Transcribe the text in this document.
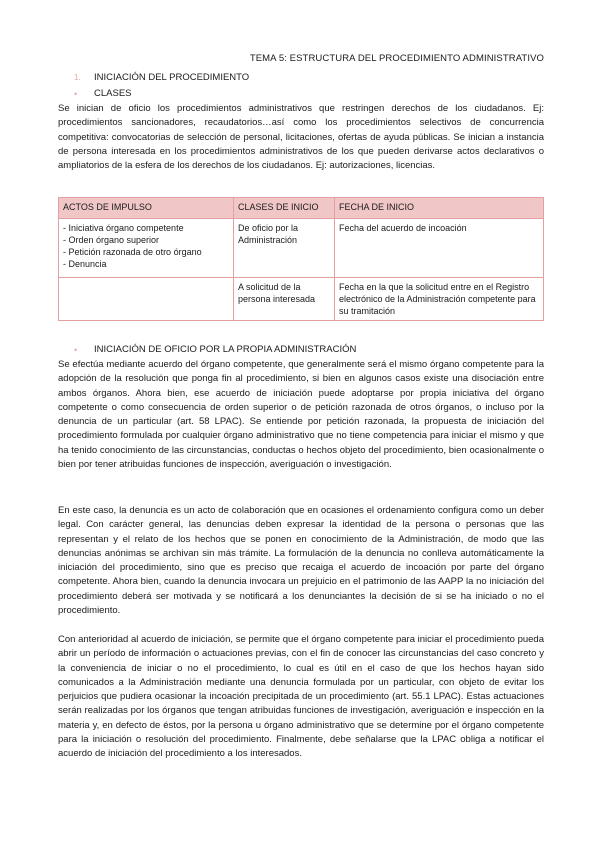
TEMA 5: ESTRUCTURA DEL PROCEDIMIENTO ADMINISTRATIVO
1.	INICIACIÓN DEL PROCEDIMIENTO
•	CLASES

Se inician de oficio los procedimientos administrativos que restringen derechos de los ciudadanos. Ej: procedimientos sancionadores, recaudatorios…así como los procedimientos selectivos de concurrencia competitiva: convocatorias de selección de personal, licitaciones, ofertas de ayuda públicas. Se inician a instancia de persona interesada en los procedimientos administrativos de los que pueden derivarse actos declarativos o ampliatorios de la esfera de los derechos de los ciudadanos. Ej: autorizaciones, licencias.

ACTOS DE IMPULSO	CLASES DE INICIO	FECHA DE INICIO

- Iniciativa órgano competente
- Orden órgano superior
- Petición razonada de otro órgano
- Denuncia	De oficio por la Administración	Fecha del acuerdo de incoación
	A solicitud de la persona interesada	Fecha en la que la solicitud entre en el Registro electrónico de la Administración competente para su tramitación
•	INICIACIÓN DE OFICIO POR LA PROPIA ADMINISTRACIÓN

Se efectúa mediante acuerdo del órgano competente, que generalmente será el mismo órgano competente para la adopción de la resolución que ponga fin al procedimiento, si bien en algunos casos existe una disociación entre ambos órganos. Ahora bien, ese acuerdo de iniciación puede adoptarse por propia iniciativa del órgano competente o como consecuencia de orden superior o de petición razonada de otros órganos, o incluso por la denuncia de un particular (art. 58 LPAC). Se entiende por petición razonada, la propuesta de iniciación del procedimiento formulada por cualquier órgano administrativo que no tiene competencia para iniciar el mismo y que ha tenido conocimiento de las circunstancias, conductas o hechos objeto del procedimiento, bien ocasionalmente o bien por tener atribuidas funciones de inspección, averiguación o investigación.

En este caso, la denuncia es un acto de colaboración que en ocasiones el ordenamiento configura como un deber legal. Con carácter general, las denuncias deben expresar la identidad de la persona o personas que las representan y el relato de los hechos que se ponen en conocimiento de la Administración, de modo que las denuncias anónimas se archivan sin más trámite. La formulación de la denuncia no conlleva automáticamente la iniciación del procedimiento, sino que es preciso que recaiga el acuerdo de incoación por parte del órgano competente. Ahora bien, cuando la denuncia invocara un prejuicio en el patrimonio de las AAPP la no iniciación del procedimiento deberá ser motivada y se notificará a los denunciantes la decisión de si se ha iniciado o no el procedimiento.

Con anterioridad al acuerdo de iniciación, se permite que el órgano competente para iniciar el procedimiento pueda abrir un período de información o actuaciones previas, con el fin de conocer las circunstancias del caso concreto y la conveniencia de iniciar o no el procedimiento, lo cual es útil en el caso de que los hechos hayan sido comunicados a la Administración mediante una denuncia formulada por un particular, con objeto de evitar los perjuicios que pudiera ocasionar la incoación precipitada de un procedimiento (art. 55.1 LPAC). Estas actuaciones serán realizadas por los órganos que tengan atribuidas funciones de investigación, averiguación e inspección en la materia y, en defecto de éstos, por la persona u órgano administrativo que se determine por el órgano competente para la iniciación o resolución del procedimiento. Finalmente, debe señalarse que la LPAC obliga a notificar el acuerdo de iniciación del procedimiento a los interesados.
